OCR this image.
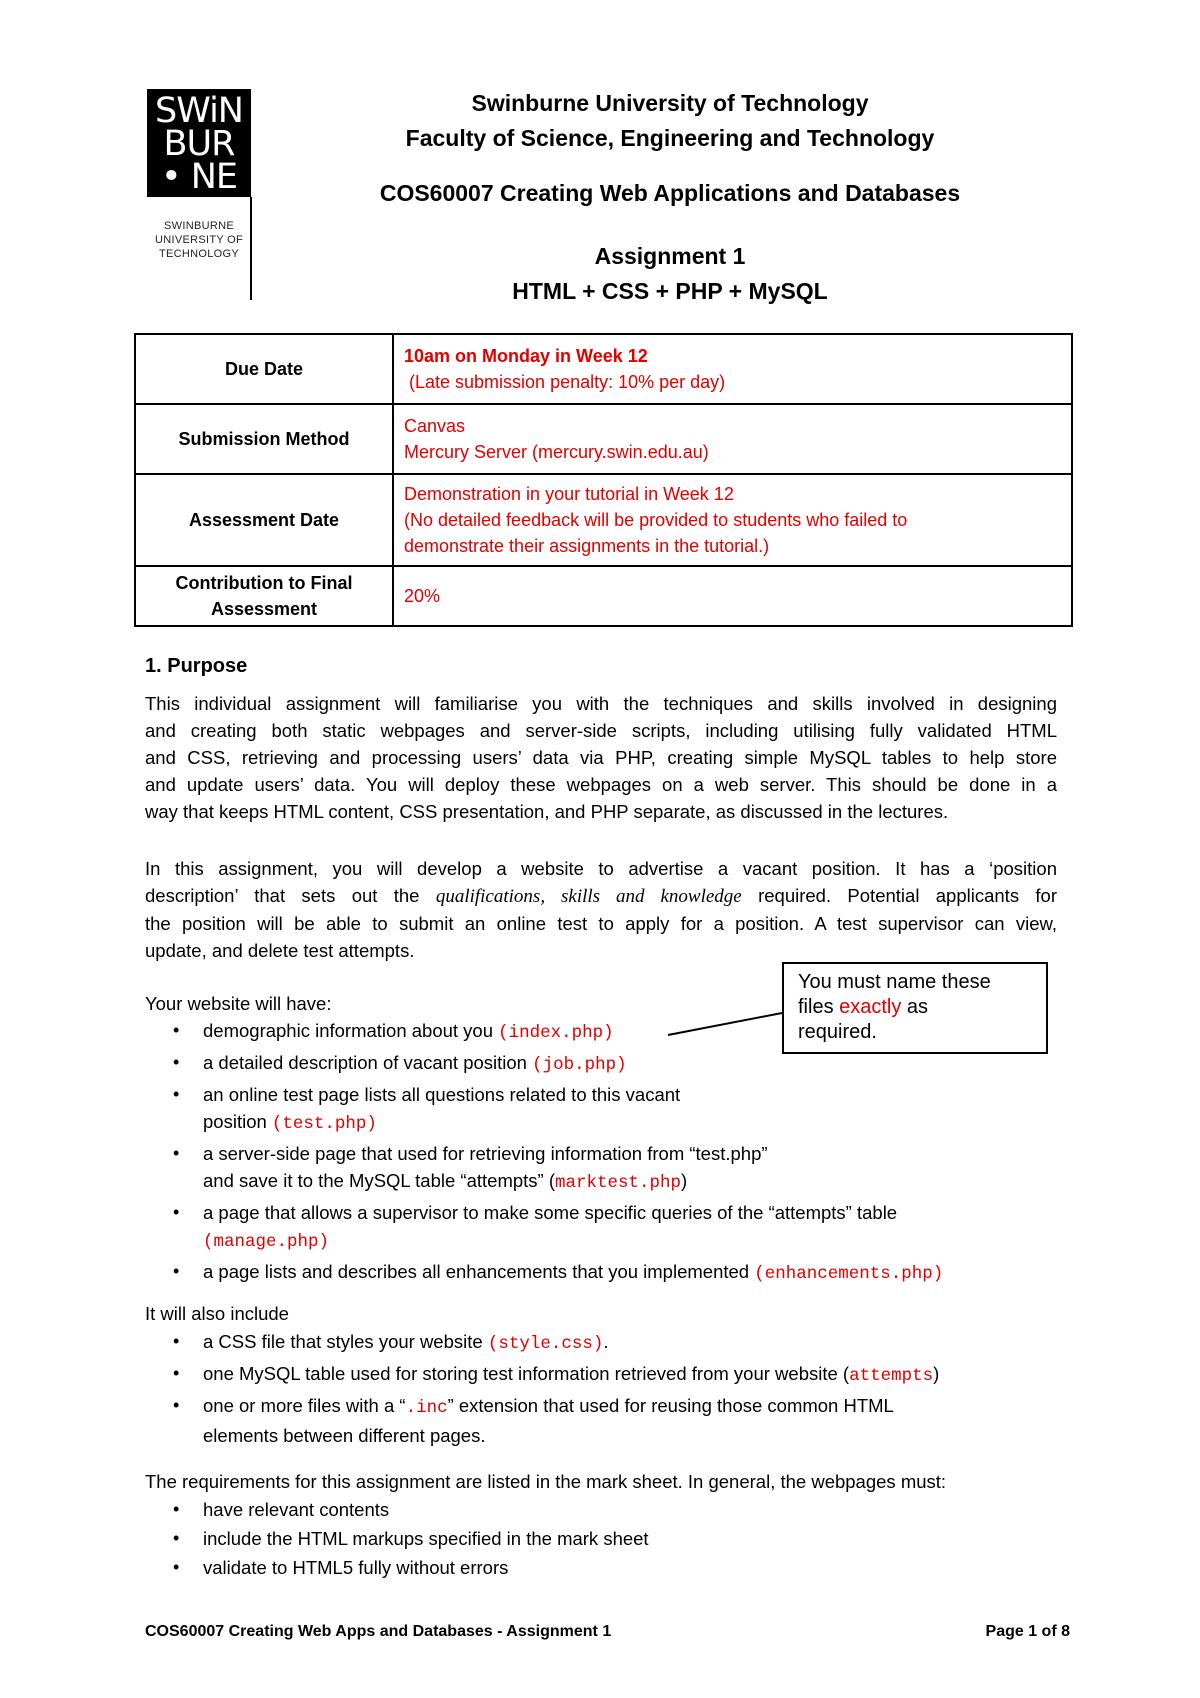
SWiN
BUR
• NE •
SWINBURNE
UNIVERSITY OF
TECHNOLOGY
Swinburne University of Technology
Faculty of Science, Engineering and Technology
COS60007 Creating Web Applications and Databases
Assignment 1
HTML + CSS + PHP + MySQL
Due Date	10am on Monday in Week 12
(Late submission penalty: 10% per day)

Submission Method	Canvas
Mercury Server (mercury.swin.edu.au)

Assessment Date	Demonstration in your tutorial in Week 12
(No detailed feedback will be provided to students who failed to
demonstrate their assignments in the tutorial.)

Contribution to Final
Assessment	20%
1. Purpose
This individual assignment will familiarise you with the techniques and skills involved in designing
and creating both static webpages and server-side scripts, including utilising fully validated HTML
and CSS, retrieving and processing users’ data via PHP, creating simple MySQL tables to help store
and update users’ data. You will deploy these webpages on a web server. This should be done in a
way that keeps HTML content, CSS presentation, and PHP separate, as discussed in the lectures.
In this assignment, you will develop a website to advertise a vacant position. It has a ‘position
description’ that sets out the qualifications, skills and knowledge required. Potential applicants for
the position will be able to submit an online test to apply for a position. A test supervisor can view,
update, and delete test attempts.
Your website will have:
You must name these
files exactly as
required.
• demographic information about you (index.php)
• a detailed description of vacant position (job.php)
• an online test page lists all questions related to this vacant
position (test.php)
• a server-side page that used for retrieving information from “test.php”
and save it to the MySQL table “attempts” (marktest.php)
• a page that allows a supervisor to make some specific queries of the “attempts” table
(manage.php)
• a page lists and describes all enhancements that you implemented (enhancements.php)
It will also include
• a CSS file that styles your website (style.css).
• one MySQL table used for storing test information retrieved from your website (attempts)
• one or more files with a “.inc” extension that used for reusing those common HTML
elements between different pages.
The requirements for this assignment are listed in the mark sheet. In general, the webpages must:
• have relevant contents
• include the HTML markups specified in the mark sheet
• validate to HTML5 fully without errors
COS60007 Creating Web Apps and Databases - Assignment 1	Page 1 of 8
